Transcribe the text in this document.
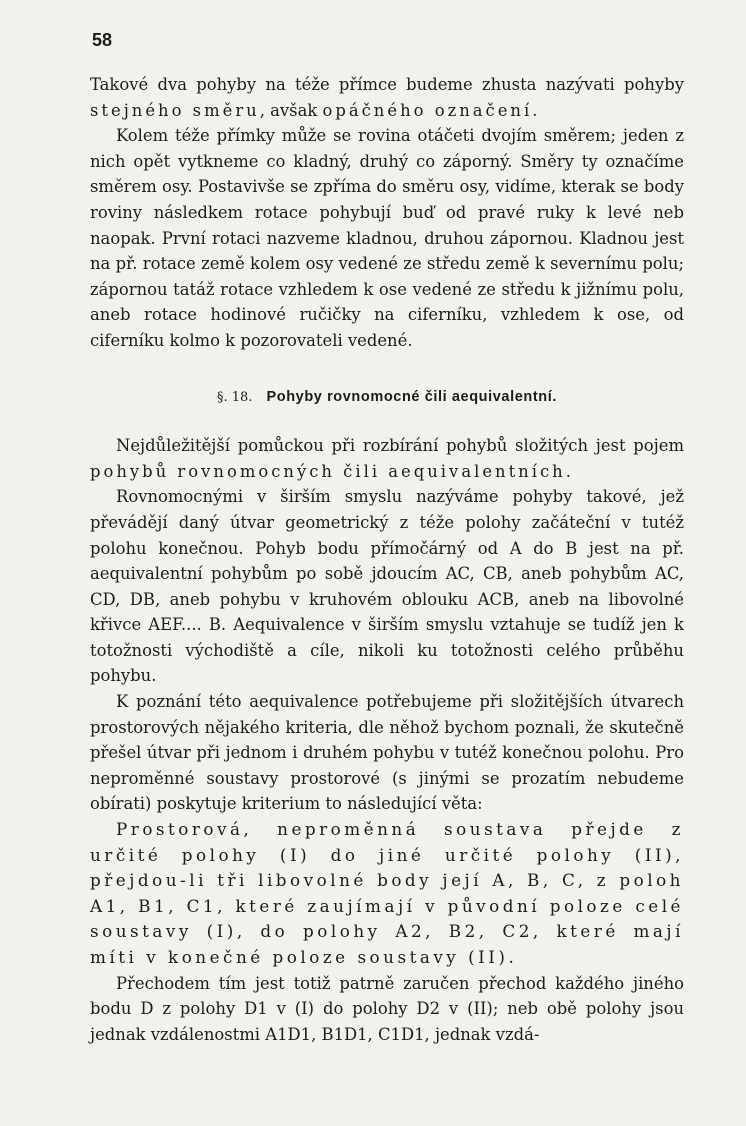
58

Takové dva pohyby na téže přímce budeme zhusta nazývati pohyby stejného směru, avšak opáčného označení.

Kolem téže přímky může se rovina otáčeti dvojím směrem; jeden z nich opět vytkneme co kladný, druhý co záporný. Směry ty označíme směrem osy. Postavivše se zpříma do směru osy, vidíme, kterak se body roviny následkem rotace pohybují buď od pravé ruky k levé neb naopak. První rotaci nazveme kladnou, druhou zápornou. Kladnou jest na př. rotace země kolem osy vedené ze středu země k severnímu polu; zápornou tatáž rotace vzhledem k ose vedené ze středu k jižnímu polu, aneb rotace hodinové ručičky na ciferníku, vzhledem k ose, od ciferníku kolmo k pozorovateli vedené.

§. 18. Pohyby rovnomocné čili aequivalentní.

Nejdůležitější pomůckou při rozbírání pohybů složitých jest pojem pohybů rovnomocných čili aequivalentních.

Rovnomocnými v širším smyslu nazýváme pohyby takové, jež převádějí daný útvar geometrický z téže polohy začáteční v tutéž polohu konečnou. Pohyb bodu přímočárný od A do B jest na př. aequivalentní pohybům po sobě jdoucím AC, CB, aneb pohybům AC, CD, DB, aneb pohybu v kruhovém oblouku ACB, aneb na libovolné křivce AEF.... B. Aequivalence v širším smyslu vztahuje se tudíž jen k totožnosti východiště a cíle, nikoli ku totožnosti celého průběhu pohybu.

K poznání této aequivalence potřebujeme při složitějších útvarech prostorových nějakého kriteria, dle něhož bychom poznali, že skutečně přešel útvar při jednom i druhém pohybu v tutéž konečnou polohu. Pro neproměnné soustavy prostorové (s jinými se prozatím nebudeme obírati) poskytuje kriterium to následující věta:

Prostorová, neproměnná soustava přejde z určité polohy (I) do jiné určité polohy (II), přejdou-li tři libovolné body její A, B, C, z poloh A1, B1, C1, které zaujímají v původní poloze celé soustavy (I), do polohy A2, B2, C2, které mají míti v konečné poloze soustavy (II).

Přechodem tím jest totiž patrně zaručen přechod každého jiného bodu D z polohy D1 v (I) do polohy D2 v (II); neb obě polohy jsou jednak vzdálenostmi A1D1, B1D1, C1D1, jednak vzdá-
